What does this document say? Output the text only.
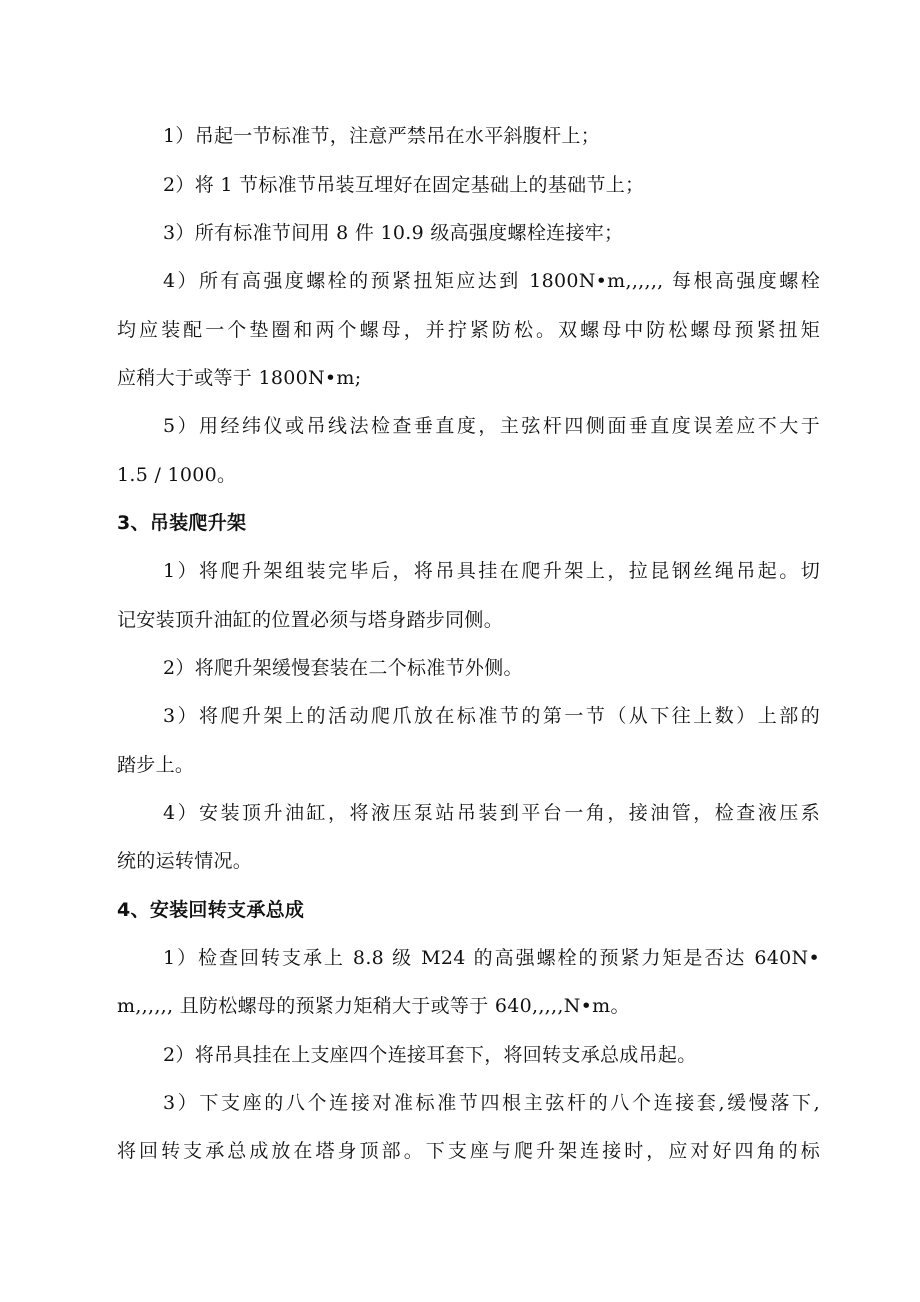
1）吊起一节标准节，注意严禁吊在水平斜腹杆上；
2）将 1 节标准节吊装互埋好在固定基础上的基础节上；
3）所有标准节间用 8 件 10.9 级高强度螺栓连接牢；
4）所有高强度螺栓的预紧扭矩应达到 1800N•m,,,,,, 每根高强度螺栓
均应装配一个垫圈和两个螺母，并拧紧防松。双螺母中防松螺母预紧扭矩
应稍大于或等于 1800N•m;
5）用经纬仪或吊线法检查垂直度，主弦杆四侧面垂直度误差应不大于
1.5 / 1000。
3、吊装爬升架
1）将爬升架组装完毕后，将吊具挂在爬升架上，拉昆钢丝绳吊起。切
记安装顶升油缸的位置必须与塔身踏步同侧。
2）将爬升架缓慢套装在二个标准节外侧。
3）将爬升架上的活动爬爪放在标准节的第一节（从下往上数）上部的
踏步上。
4）安装顶升油缸，将液压泵站吊装到平台一角，接油管，检查液压系
统的运转情况。
4、安装回转支承总成
1）检查回转支承上 8.8 级 M24 的高强螺栓的预紧力矩是否达 640N•
m,,,,,, 且防松螺母的预紧力矩稍大于或等于 640,,,,,N•m。
2）将吊具挂在上支座四个连接耳套下，将回转支承总成吊起。
3）下支座的八个连接对准标准节四根主弦杆的八个连接套,缓慢落下,
将回转支承总成放在塔身顶部。下支座与爬升架连接时，应对好四角的标
